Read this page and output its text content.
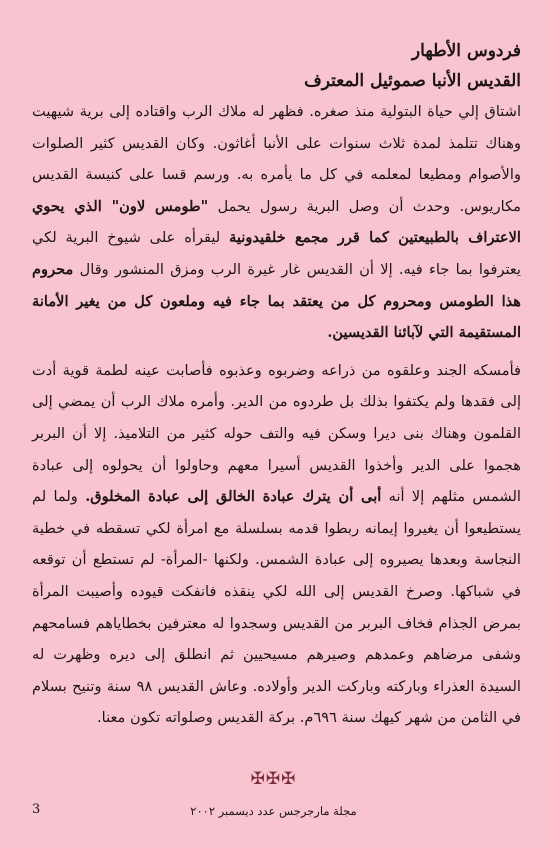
فردوس الأطهار
القديس الأنبا صموئيل المعترف

اشتاق إلي حياة البتولية منذ صغره. فظهر له ملاك الرب واقتاده إلى برية شيهيت وهناك تتلمذ لمدة ثلاث سنوات على الأنبا أغاثون. وكان القديس كثير الصلوات والأصوام ومطيعا لمعلمه في كل ما يأمره به. ورسم قسا على كنيسة القديس مكاريوس. وحدث أن وصل البرية رسول يحمل "طومس لاون" الذي يحوي الاعتراف بالطبيعتين كما قرر مجمع خلقيدونية ليقرأه على شيوخ البرية لكي يعترفوا بما جاء فيه. إلا أن القديس غار غيرة الرب ومزق المنشور وقال محروم هذا الطومس ومحروم كل من يعتقد بما جاء فيه وملعون كل من يغير الأمانة المستقيمة التي لآبائنا القديسين.

فأمسكه الجند وعلقوه من ذراعه وضربوه وعذبوه فأصابت عينه لطمة قوية أدت إلى فقدها ولم يكتفوا بذلك بل طردوه من الدير. وأمره ملاك الرب أن يمضي إلى القلمون وهناك بنى ديرا وسكن فيه والتف حوله كثير من التلاميذ. إلا أن البربر هجموا على الدير وأخذوا القديس أسيرا معهم وحاولوا أن يحولوه إلى عبادة الشمس مثلهم إلا أنه أبى أن يترك عبادة الخالق إلى عبادة المخلوق. ولما لم يستطيعوا أن يغيروا إيمانه ربطوا قدمه بسلسلة مع امرأة لكي تسقطه في خطية النجاسة وبعدها يصيروه إلى عبادة الشمس. ولكنها -المرأة- لم تستطع أن توقعه في شباكها. وصرخ القديس إلى الله لكي ينقذه فانفكت قيوده وأصيبت المرأة بمرض الجذام فخاف البربر من القديس وسجدوا له معترفين بخطاياهم فسامحهم وشفى مرضاهم وعمدهم وصيرهم مسيحيين ثم انطلق إلى ديره وظهرت له السيدة العذراء وباركته وباركت الدير وأولاده. وعاش القديس ٩٨ سنة وتنيح بسلام في الثامن من شهر كيهك سنة ٦٩٦م. بركة القديس وصلواته تكون معنا.

✠✠✠
مجلة مارجرجس عدد ديسمبر ٢٠٠٢
3
